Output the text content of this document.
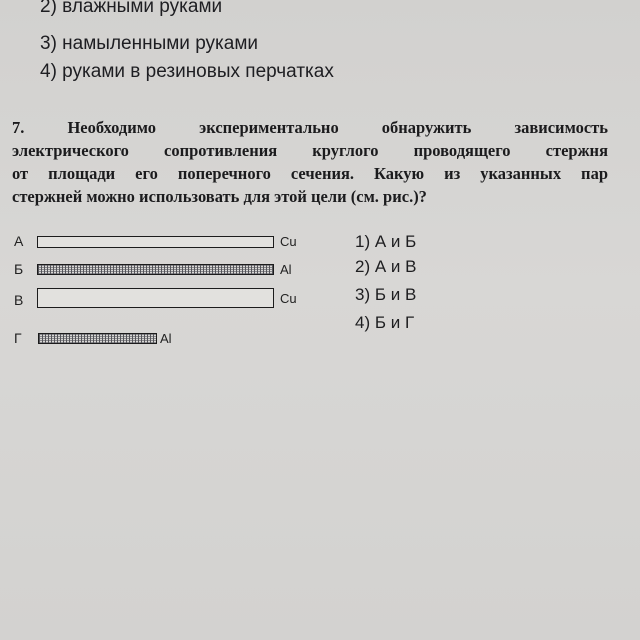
2) влажными руками
3) намыленными руками
4) руками в резиновых перчатках
7. Необходимо экспериментально обнаружить зависимость
электрического сопротивления круглого проводящего стержня
от площади его поперечного сечения. Какую из указанных пар
стержней можно использовать для этой цели (см. рис.)?
А	Cu
Б	Al
В	Cu
Г	Al
1) А и Б
2) А и В
3) Б и В
4) Б и Г
